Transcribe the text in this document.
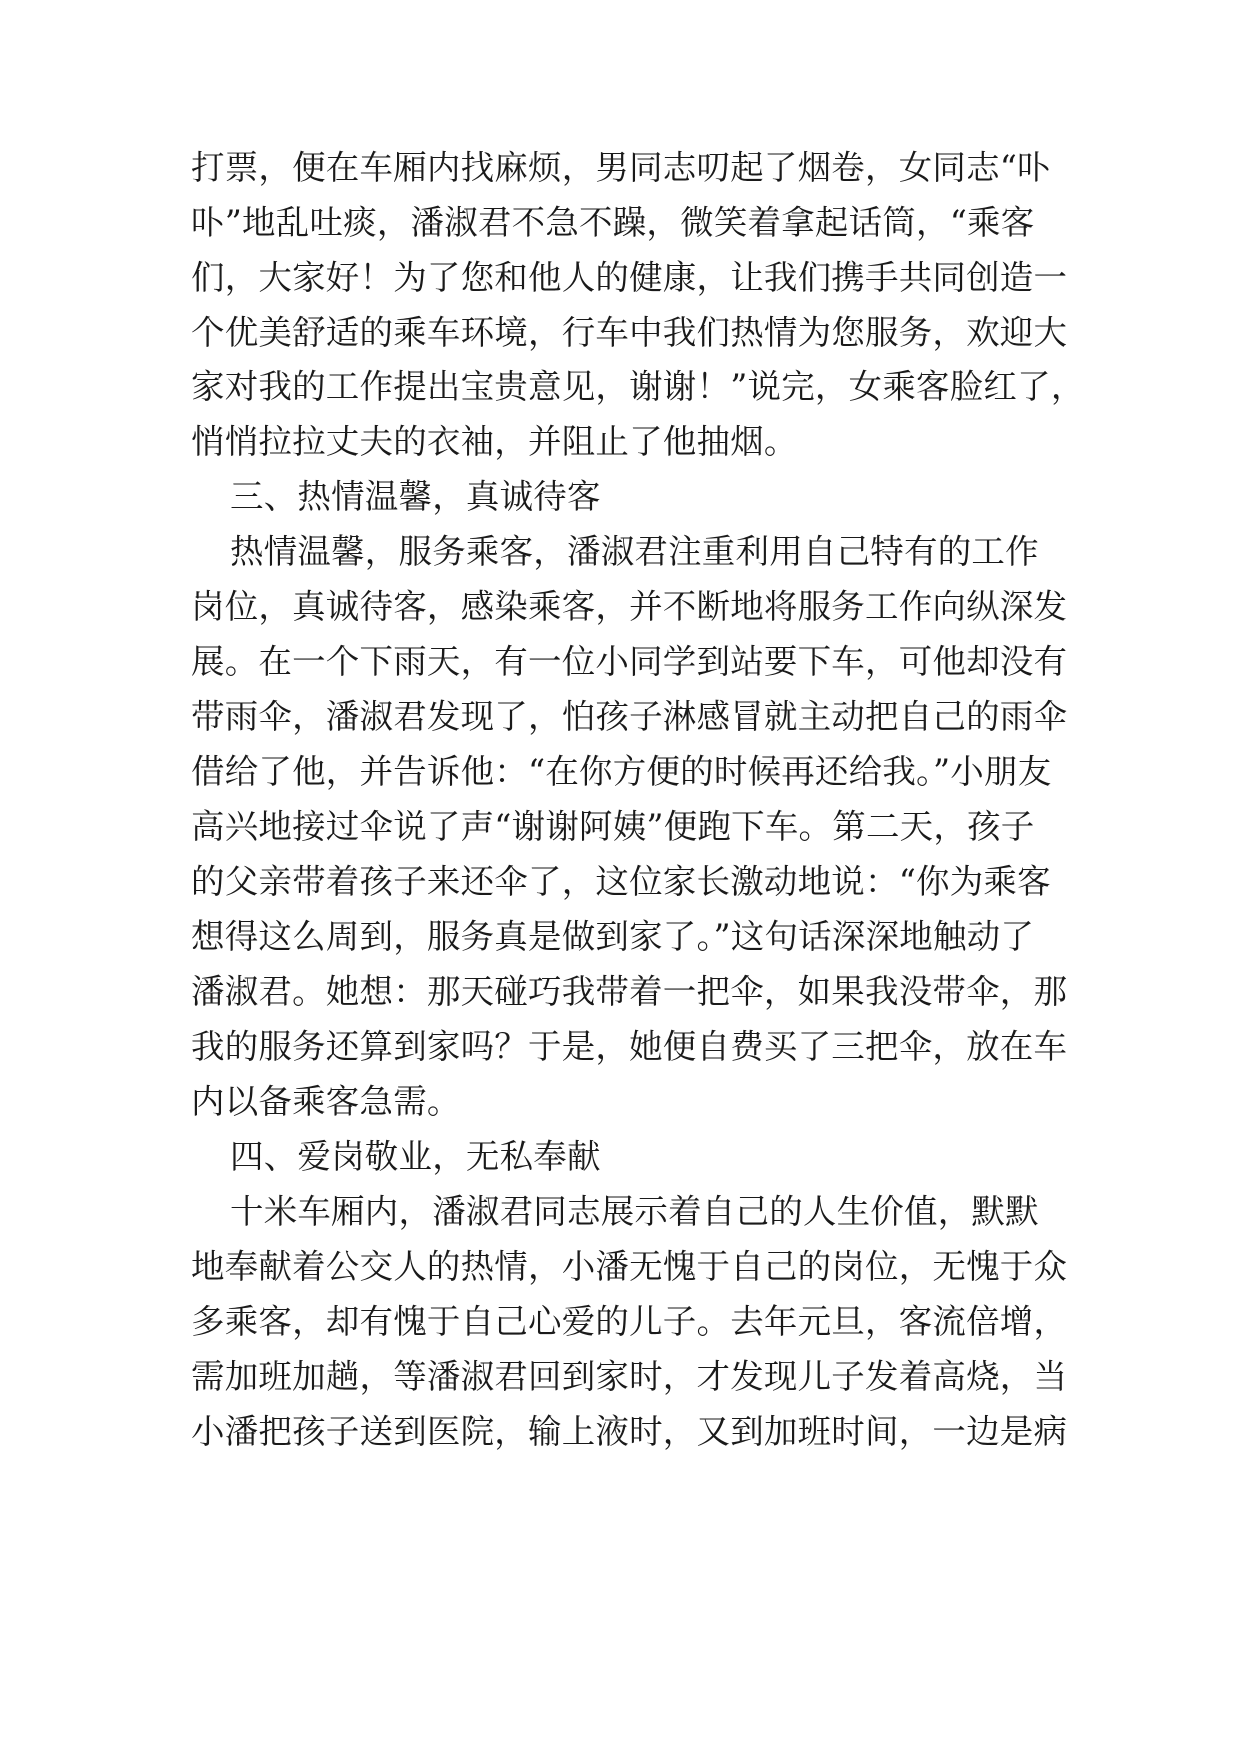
打票，便在车厢内找麻烦，男同志叨起了烟卷，女同志“卟
卟”地乱吐痰，潘淑君不急不躁，微笑着拿起话筒，“乘客
们，大家好！为了您和他人的健康，让我们携手共同创造一
个优美舒适的乘车环境，行车中我们热情为您服务，欢迎大
家对我的工作提出宝贵意见，谢谢！”说完，女乘客脸红了，
悄悄拉拉丈夫的衣袖，并阻止了他抽烟。
三、热情温馨，真诚待客
热情温馨，服务乘客，潘淑君注重利用自己特有的工作
岗位，真诚待客，感染乘客，并不断地将服务工作向纵深发
展。在一个下雨天，有一位小同学到站要下车，可他却没有
带雨伞，潘淑君发现了，怕孩子淋感冒就主动把自己的雨伞
借给了他，并告诉他：“在你方便的时候再还给我。”小朋友
高兴地接过伞说了声“谢谢阿姨”便跑下车。第二天，孩子
的父亲带着孩子来还伞了，这位家长激动地说：“你为乘客
想得这么周到，服务真是做到家了。”这句话深深地触动了
潘淑君。她想：那天碰巧我带着一把伞，如果我没带伞，那
我的服务还算到家吗？于是，她便自费买了三把伞，放在车
内以备乘客急需。
四、爱岗敬业，无私奉献
十米车厢内，潘淑君同志展示着自己的人生价值，默默
地奉献着公交人的热情，小潘无愧于自己的岗位，无愧于众
多乘客，却有愧于自己心爱的儿子。去年元旦，客流倍增，
需加班加趟，等潘淑君回到家时，才发现儿子发着高烧，当
小潘把孩子送到医院，输上液时，又到加班时间，一边是病
